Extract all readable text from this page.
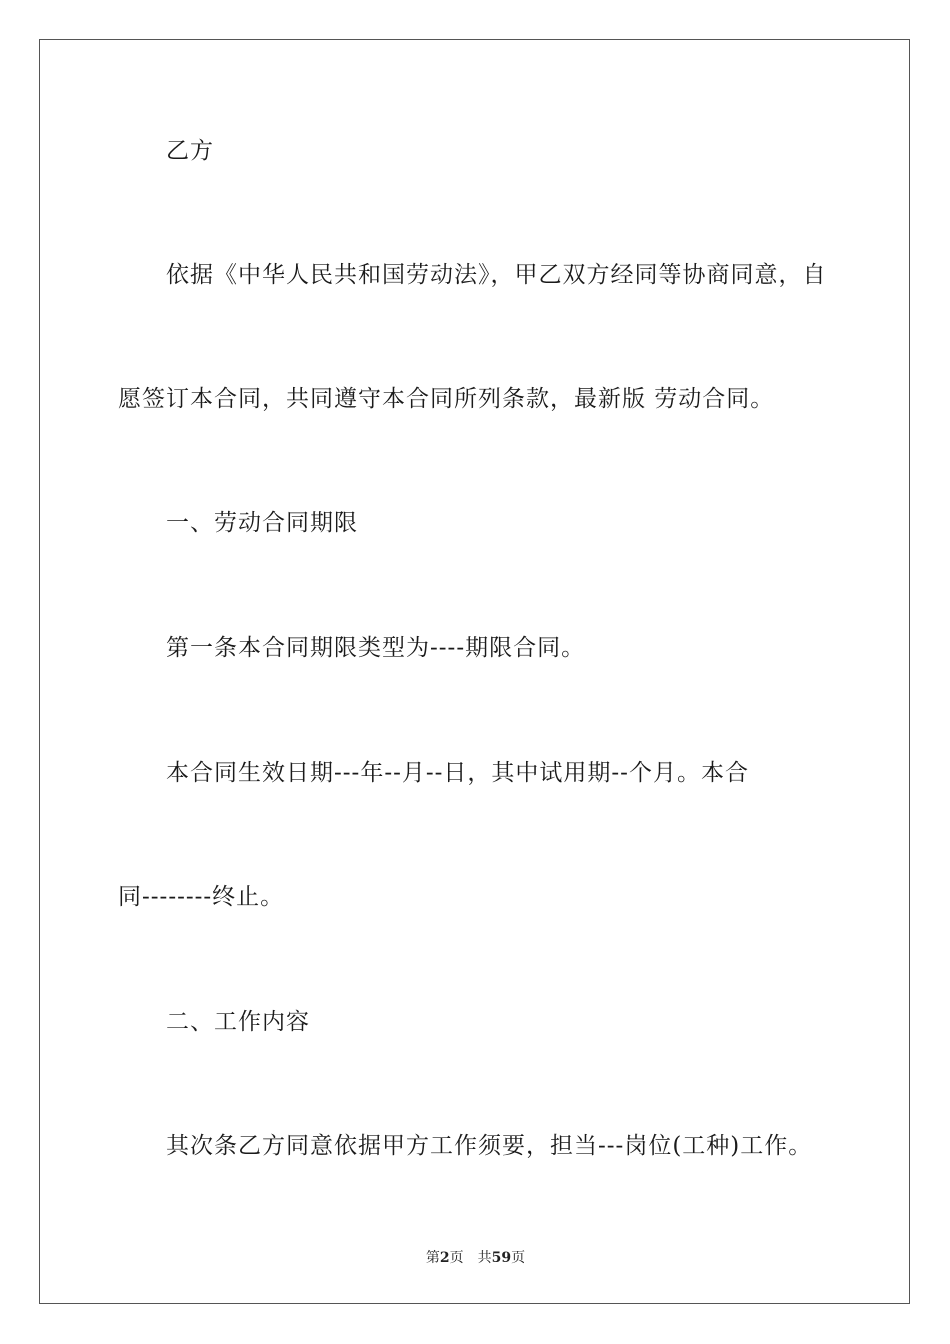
乙方
依据《中华人民共和国劳动法》，甲乙双方经同等协商同意，自
愿签订本合同，共同遵守本合同所列条款，最新版 劳动合同。
一、劳动合同期限
第一条本合同期限类型为----期限合同。
本合同生效日期---年--月--日，其中试用期--个月。本合
同--------终止。
二、工作内容
其次条乙方同意依据甲方工作须要，担当---岗位(工种)工作。
第2页 共59页
